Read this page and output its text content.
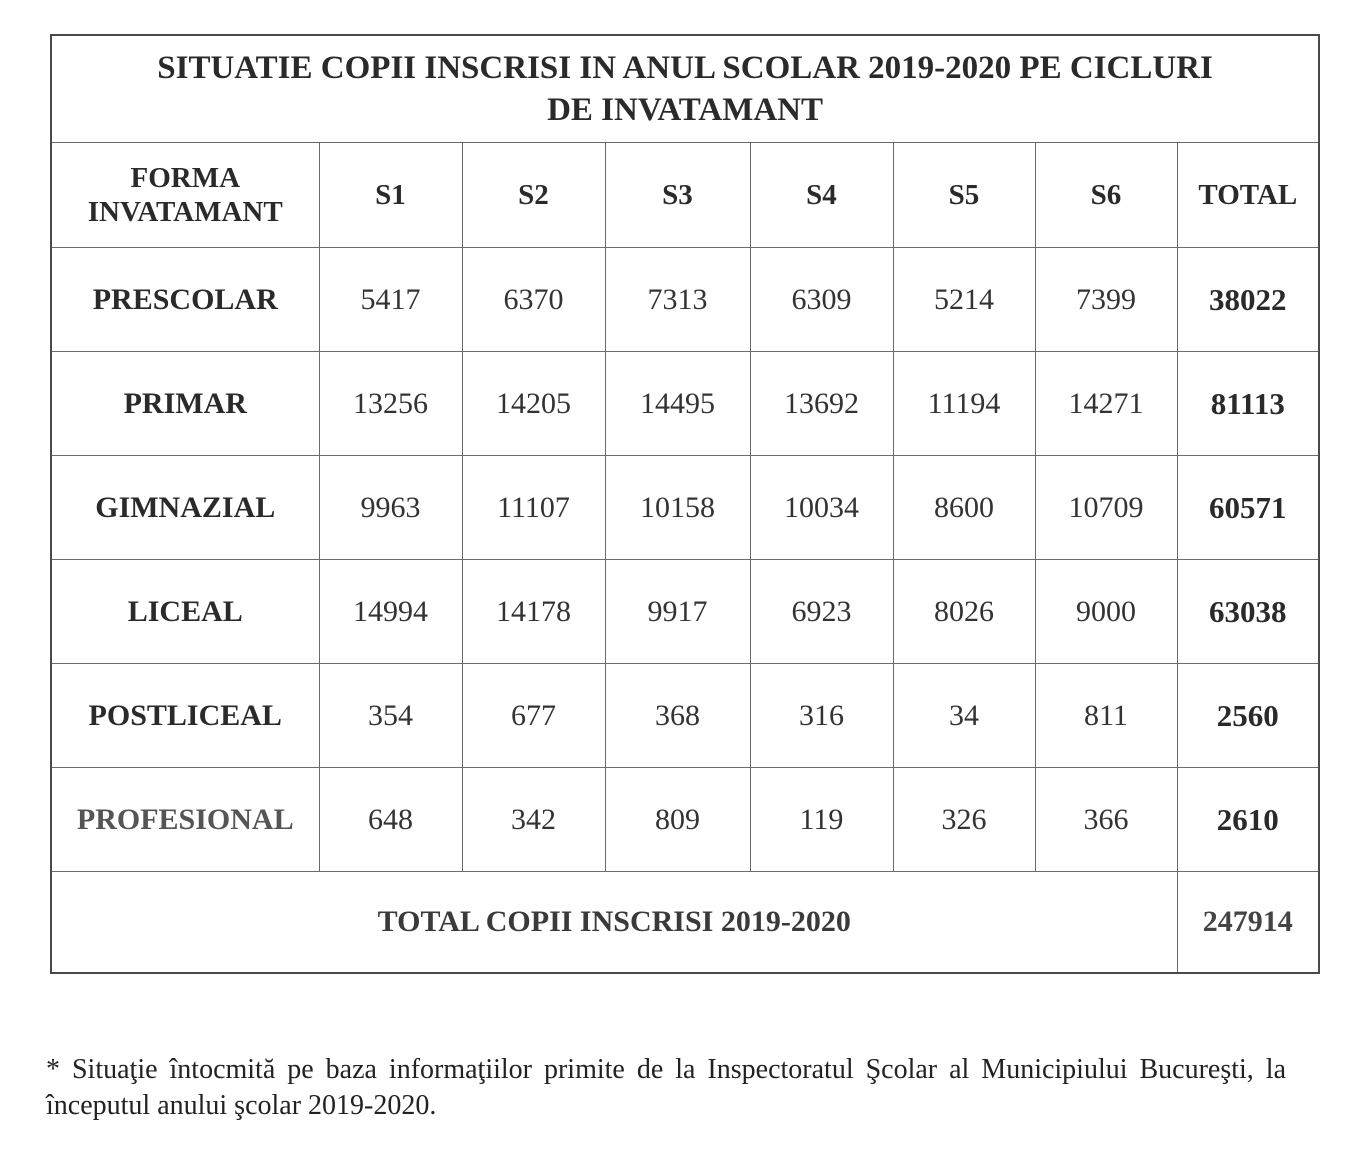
SITUATIE COPII INSCRISI IN ANUL SCOLAR 2019-2020 PE CICLURI
DE INVATAMANT							

FORMA
INVATAMANT	S1	S2	S3	S4	S5	S6	TOTAL
PRESCOLAR	5417	6370	7313	6309	5214	7399	38022
PRIMAR	13256	14205	14495	13692	11194	14271	81113
GIMNAZIAL	9963	11107	10158	10034	8600	10709	60571
LICEAL	14994	14178	9917	6923	8026	9000	63038
POSTLICEAL	354	677	368	316	34	811	2560
PROFESIONAL	648	342	809	119	326	366	2610
TOTAL COPII INSCRISI 2019-2020							247914
* Situaţie întocmită pe baza informaţiilor primite de la Inspectoratul Şcolar al Municipiului Bucureşti, la începutul anului şcolar 2019-2020.
